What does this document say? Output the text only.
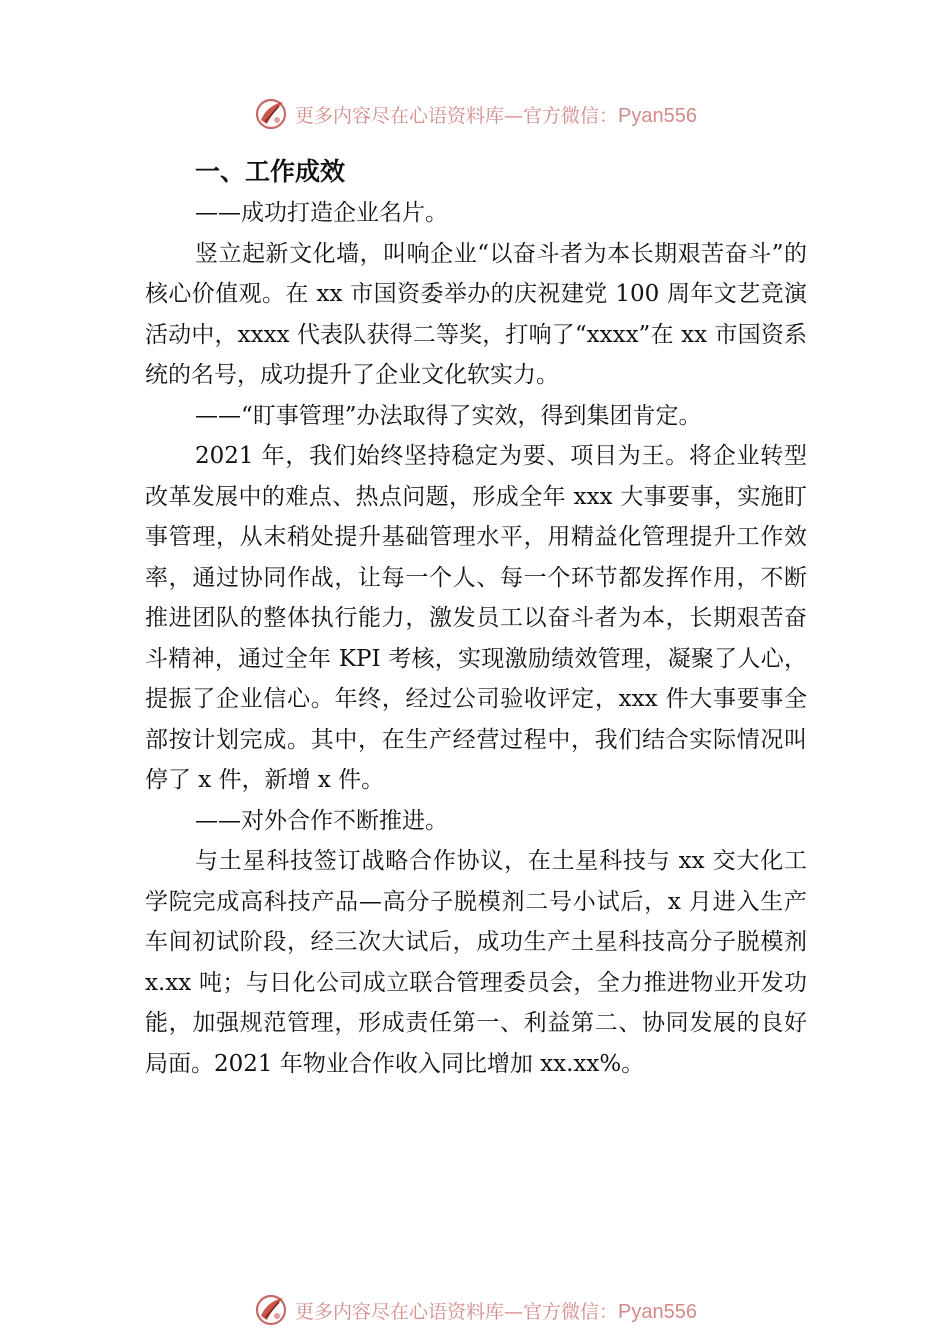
更多内容尽在心语资料库—官方微信：Pyan556

一、工作成效

——成功打造企业名片。

竖立起新文化墙，叫响企业“以奋斗者为本长期艰苦奋斗”的核心价值观。在 xx 市国资委举办的庆祝建党 100 周年文艺竞演活动中，xxxx 代表队获得二等奖，打响了“xxxx”在 xx 市国资系统的名号，成功提升了企业文化软实力。

——“盯事管理”办法取得了实效，得到集团肯定。

2021 年，我们始终坚持稳定为要、项目为王。将企业转型改革发展中的难点、热点问题，形成全年 xxx 大事要事，实施盯事管理，从末稍处提升基础管理水平，用精益化管理提升工作效率，通过协同作战，让每一个人、每一个环节都发挥作用，不断推进团队的整体执行能力，激发员工以奋斗者为本，长期艰苦奋斗精神，通过全年 KPI 考核，实现激励绩效管理，凝聚了人心，提振了企业信心。年终，经过公司验收评定，xxx 件大事要事全部按计划完成。其中，在生产经营过程中，我们结合实际情况叫停了 x 件，新增 x 件。

——对外合作不断推进。

与土星科技签订战略合作协议，在土星科技与 xx 交大化工学院完成高科技产品—高分子脱模剂二号小试后，x 月进入生产车间初试阶段，经三次大试后，成功生产土星科技高分子脱模剂 x.xx 吨；与日化公司成立联合管理委员会，全力推进物业开发功能，加强规范管理，形成责任第一、利益第二、协同发展的良好局面。2021 年物业合作收入同比增加 xx.xx%。

更多内容尽在心语资料库—官方微信：Pyan556
